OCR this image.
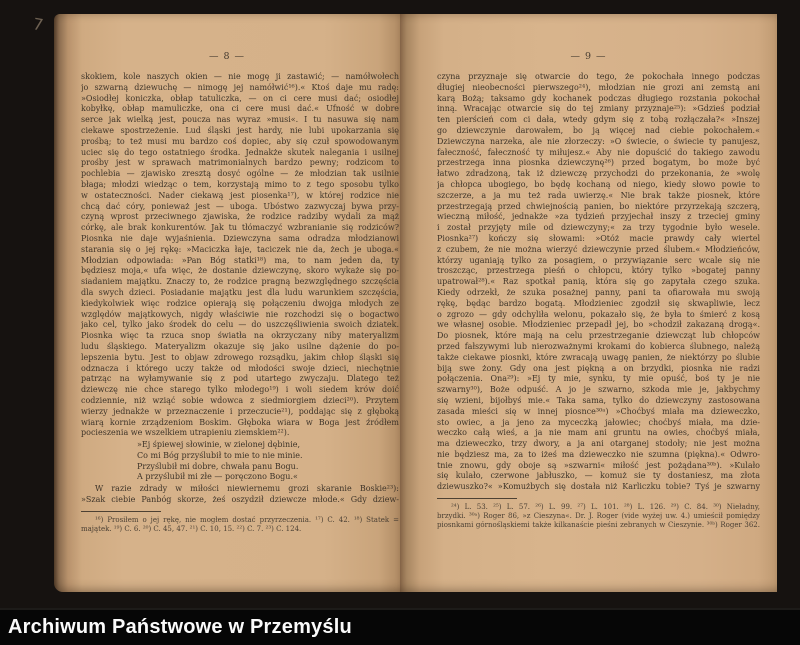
7
— 8 —
skokiem, kole naszych okien — nie mogę ji zastawić; — namółwołech
jo szwarną dziewuchę — nimogę jej namółwić¹⁶).« Ktoś daje mu radę:
»Osiodłej koniczka, obłap tatuliczka, — on ci cere musi dać; osiodłej
kobyłkę, obłap mamuliczke, ona ci cere musi dać.« Ufność w dobre
serce jak wielką jest, poucza nas wyraz »musi«. I tu nasuwa się nam
ciekawe spostrzeżenie. Lud śląski jest hardy, nie lubi upokarzania się
prośbą; to też musi mu bardzo coś dopiec, aby się czuł spowodowanym
uciec się do tego ostatniego środka. Jednakże skutek nalegania i usilnej
prośby jest w sprawach matrimonialnych bardzo pewny; rodzicom to
pochlebia — zjawisko zresztą dosyć ogólne — że młodzian tak usilnie
błaga; młodzi wiedząc o tem, korzystają mimo to z tego sposobu tylko
w ostateczności. Nader ciekawą jest piosenka¹⁷), w której rodzice nie
chcą dać córy, ponieważ jest — uboga. Ubóstwo zazwyczaj bywa przy-
czyną wprost przeciwnego zjawiska, że rodzice radziby wydali za mąż
córkę, ale brak konkurentów. Jak tu tłómaczyć wzbranianie się rodziców?
Piosnka nie daje wyjaśnienia. Dziewczyna sama odradza młodzianowi
starania się o jej rękę: »Maciczka łaje, taciczek nie da, żech je uboga.«
Młodzian odpowiada: »Pan Bóg statki¹⁸) ma, to nam jeden da, ty
będziesz moja,« ufa więc, że dostanie dziewczynę, skoro wykaże się po-
siadaniem majątku. Znaczy to, że rodzice pragną bezwzględnego szczęścia
dla swych dzieci. Posiadanie majątku jest dla ludu warunkiem szczęścia,
kiedykolwiek więc rodzice opierają się połączeniu dwojga młodych ze
względów majątkowych, nigdy właściwie nie rozchodzi się o bogactwo
jako cel, tylko jako środek do celu — do uszczęśliwienia swoich dziatek.
Piosnka więc ta rzuca snop światła na okrzyczany niby materyalizm
ludu śląskiego. Materyalizm okazuje się jako usilne dążenie do po-
lepszenia bytu. Jest to objaw zdrowego rozsądku, jakim chłop śląski się
odznacza i którego uczy także od młodości swoje dzieci, niechętnie
patrząc na wyłamywanie się z pod utartego zwyczaju. Dlatego też
dziewczę nie chce starego tylko młodego¹⁹) i woli siedem krów doić
codziennie, niż wziąć sobie wdowca z siedmiorgiem dzieci²⁰). Przytem
wierzy jednakże w przeznaczenie i przeczucie²¹), poddając się z głęboką
wiarą kornie zrządzeniom Boskim. Głęboka wiara w Boga jest źródłem
pocieszenia we wszelkiem utrapieniu ziemskiem²²).
»Ej śpiewej słowinie, w zielonej dębinie,
Co mi Bóg przyślubił to mie to nie minie.
Przyślubił mi dobre, chwała panu Bogu.
A przyślubił mi złe — poręczono Bogu.«
W razie zdrady w miłości niewiernemu grozi skaranie Boskie²³):
»Szak ciebie Panbóg skorze, żeś oszydził dziewcze młode.« Gdy dziew-
¹⁶) Prosiłem o jej rękę, nie mogłem dostać przyrzeczenia. ¹⁷) C. 42. ¹⁸) Statek =
majątek. ¹⁹) C. 6. ²⁰) C. 45, 47. ²¹) C. 10, 15. ²²) C. 7. ²³) C. 124.
— 9 —
czyna przyznaje się otwarcie do tego, że pokochała innego podczas
długiej nieobecności pierwszego²⁴), młodzian nie grozi ani zemstą ani
karą Bożą; taksamo gdy kochanek podczas długiego rozstania pokochał
inną. Wracając otwarcie się do tej zmiany przyznaje²⁵): »Gdzieś podział
ten pierścień com ci dała, wtedy gdym się z tobą rozłączała?« »Inszej
go dziewczynie darowałem, bo ją więcej nad ciebie pokochałem.«
Dziewczyna narzeka, ale nie złorzeczy: »O świecie, o świecie ty panujesz,
fałeczność, fałeczność ty miłujesz.« Aby nie dopuścić do takiego zawodu
przestrzega inna piosnka dziewczynę²⁶) przed bogatym, bo może być
łatwo zdradzoną, tak iż dziewczę przychodzi do przekonania, że »wolę
ja chłopca ubogiego, bo będę kochaną od niego, kiedy słowo powie to
szczerze, a ja mu też rada uwierzę.« Nie brak także piosnek, które
przestrzegają przed chwiejnością panien, bo niektóre przyrzekają szczerą,
wieczną miłość, jednakże »za tydzień przyjechał inszy z trzeciej gminy
i został przyjęty mile od dziewczyny;« za trzy tygodnie było wesele.
Piosnka²⁷) kończy się słowami: »Otóż macie prawdy cały wiertel
z czubem, że nie można wierzyć dziewczynie przed ślubem.« Młodzieńców,
którzy uganiają tylko za posagiem, o przywiązanie serc wcale się nie
troszcząc, przestrzega pieśń o chłopcu, który tylko »bogatej panny
upatrował²⁸).« Raz spotkał panią, która się go zapytała czego szuka.
Kiedy odrzekł, że szuka posażnej panny, pani ta ofiarowała mu swoją
rękę, będąc bardzo bogatą. Młodzieniec zgodził się skwapliwie, lecz
o zgrozo — gdy odchyliła welonu, pokazało się, że była to śmierć z kosą
we własnej osobie. Młodzieniec przepadł jej, bo »chodził zakazaną drogą«.
Do piosnek, które mają na celu przestrzeganie dziewcząt lub chłopców
przed fałszywymi lub nierozważnymi krokami do kobierca ślubnego, należą
także ciekawe piosnki, które zwracają uwagę panien, że niektórzy po ślubie
biją swe żony. Gdy ona jest piękną a on brzydki, piosnka nie radzi
połączenia. Ona²⁹): »Ej ty mie, synku, ty mie opuść, boś ty je nie
szwarny³⁰), Boże odpuść. A jo je szwarno, szkoda mie je, jakbychmy
się wzieni, bijołbyś mie.« Taka sama, tylko do dziewczyny zastosowana
zasada mieści się w innej piosnce³⁰ᵃ) »Choćbyś miała ma dzieweczko,
sto owiec, a ja jeno za myceczką jałowiec; choćbyś miała, ma dzie-
weczko całą wieś, a ja nie mam ani gruntu na owies, choćbyś miała,
ma dzieweczko, trzy dwory, a ja ani otarganej stodoły; nie jest można
nie będziesz ma, za to iżeś ma dzieweczko nie szumna (piękna).« Odwro-
tnie znowu, gdy oboje są »szwarni« miłość jest pożądana³⁰ᵇ). »Kulało
się kulało, czerwone jabłuszko, — komuż sie ty dostaniesz, ma złota
dziewuszko?« »Komużbych się dostała niż Karliczku tobie? Tyś je szwarny
²⁴) L. 53. ²⁵) L. 57. ²⁶) L. 99. ²⁷) L. 101. ²⁸) L. 126. ²⁹) C. 84. ³⁰) Nieładny,
brzydki. ³⁰ᵃ) Roger 86, »z Cieszyna«. Dr. J. Roger (vide wyżej uw. 4.) umieścił pomiędzy
piosnkami górnośląskiemi także kilkanaście pieśni zebranych w Cieszynie. ³⁰ᵇ) Roger 362.
Archiwum Państwowe w Przemyślu
